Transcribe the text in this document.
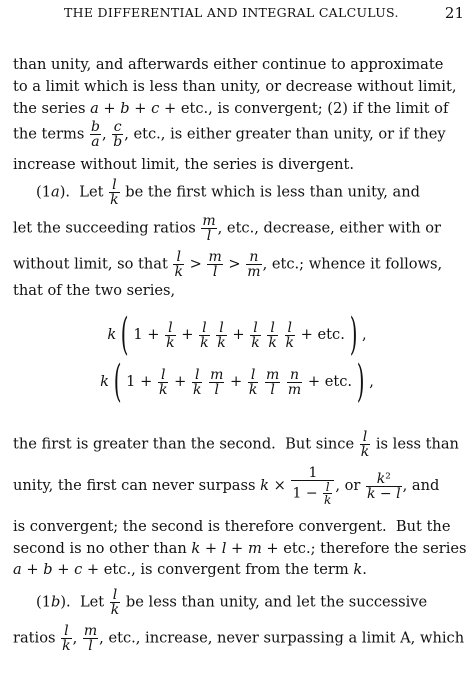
THE DIFFERENTIAL AND INTEGRAL CALCULUS.	21
than unity, and afterwards either continue to approximate
to a limit which is less than unity, or decrease without limit,
the series a + b + c + etc., is convergent; (2) if the limit of
the terms $\frac{b}{a}$ , $\frac{c}{b}$ , etc., is either greater than unity, or if they
increase without limit, the series is divergent.
(1a).  Let $\frac{l}{k}$ be the first which is less than unity, and
let the succeeding ratios $\frac{m}{l}$ , etc., decrease, either with or
without limit, so that $\frac{l}{k} > \frac{m}{l} > \frac{n}{m}$ , etc.; whence it follows,
that of the two series,
k ( $1 + \frac{l}{k} + \frac{l}{k}$
$\frac{l}{k} + \frac{l}{k}$
$\frac{l}{k}$
$\frac{l}{k}$ + etc. ) ,
k ( $1 + \frac{l}{k} + \frac{l}{k}$
$\frac{m}{l} + \frac{l}{k}$
$\frac{m}{l}$
$\frac{n}{m}$ + etc. ) ,
the first is greater than the second.  But since $\frac{l}{k}$ is less than
unity, the first can never surpass $k \times \frac{1}{1 - \frac{l}{k}}$ , or $\frac{\text{k²}}{k - l}$ , and
is convergent; the second is therefore convergent.  But the
second is no other than k + l + m + etc.; therefore the series
a + b + c + etc., is convergent from the term k.
(1b).  Let $\frac{l}{k}$ be less than unity, and let the successive
ratios $\frac{l}{k}$ , $\frac{m}{l}$ , etc., increase, never surpassing a limit A, which
